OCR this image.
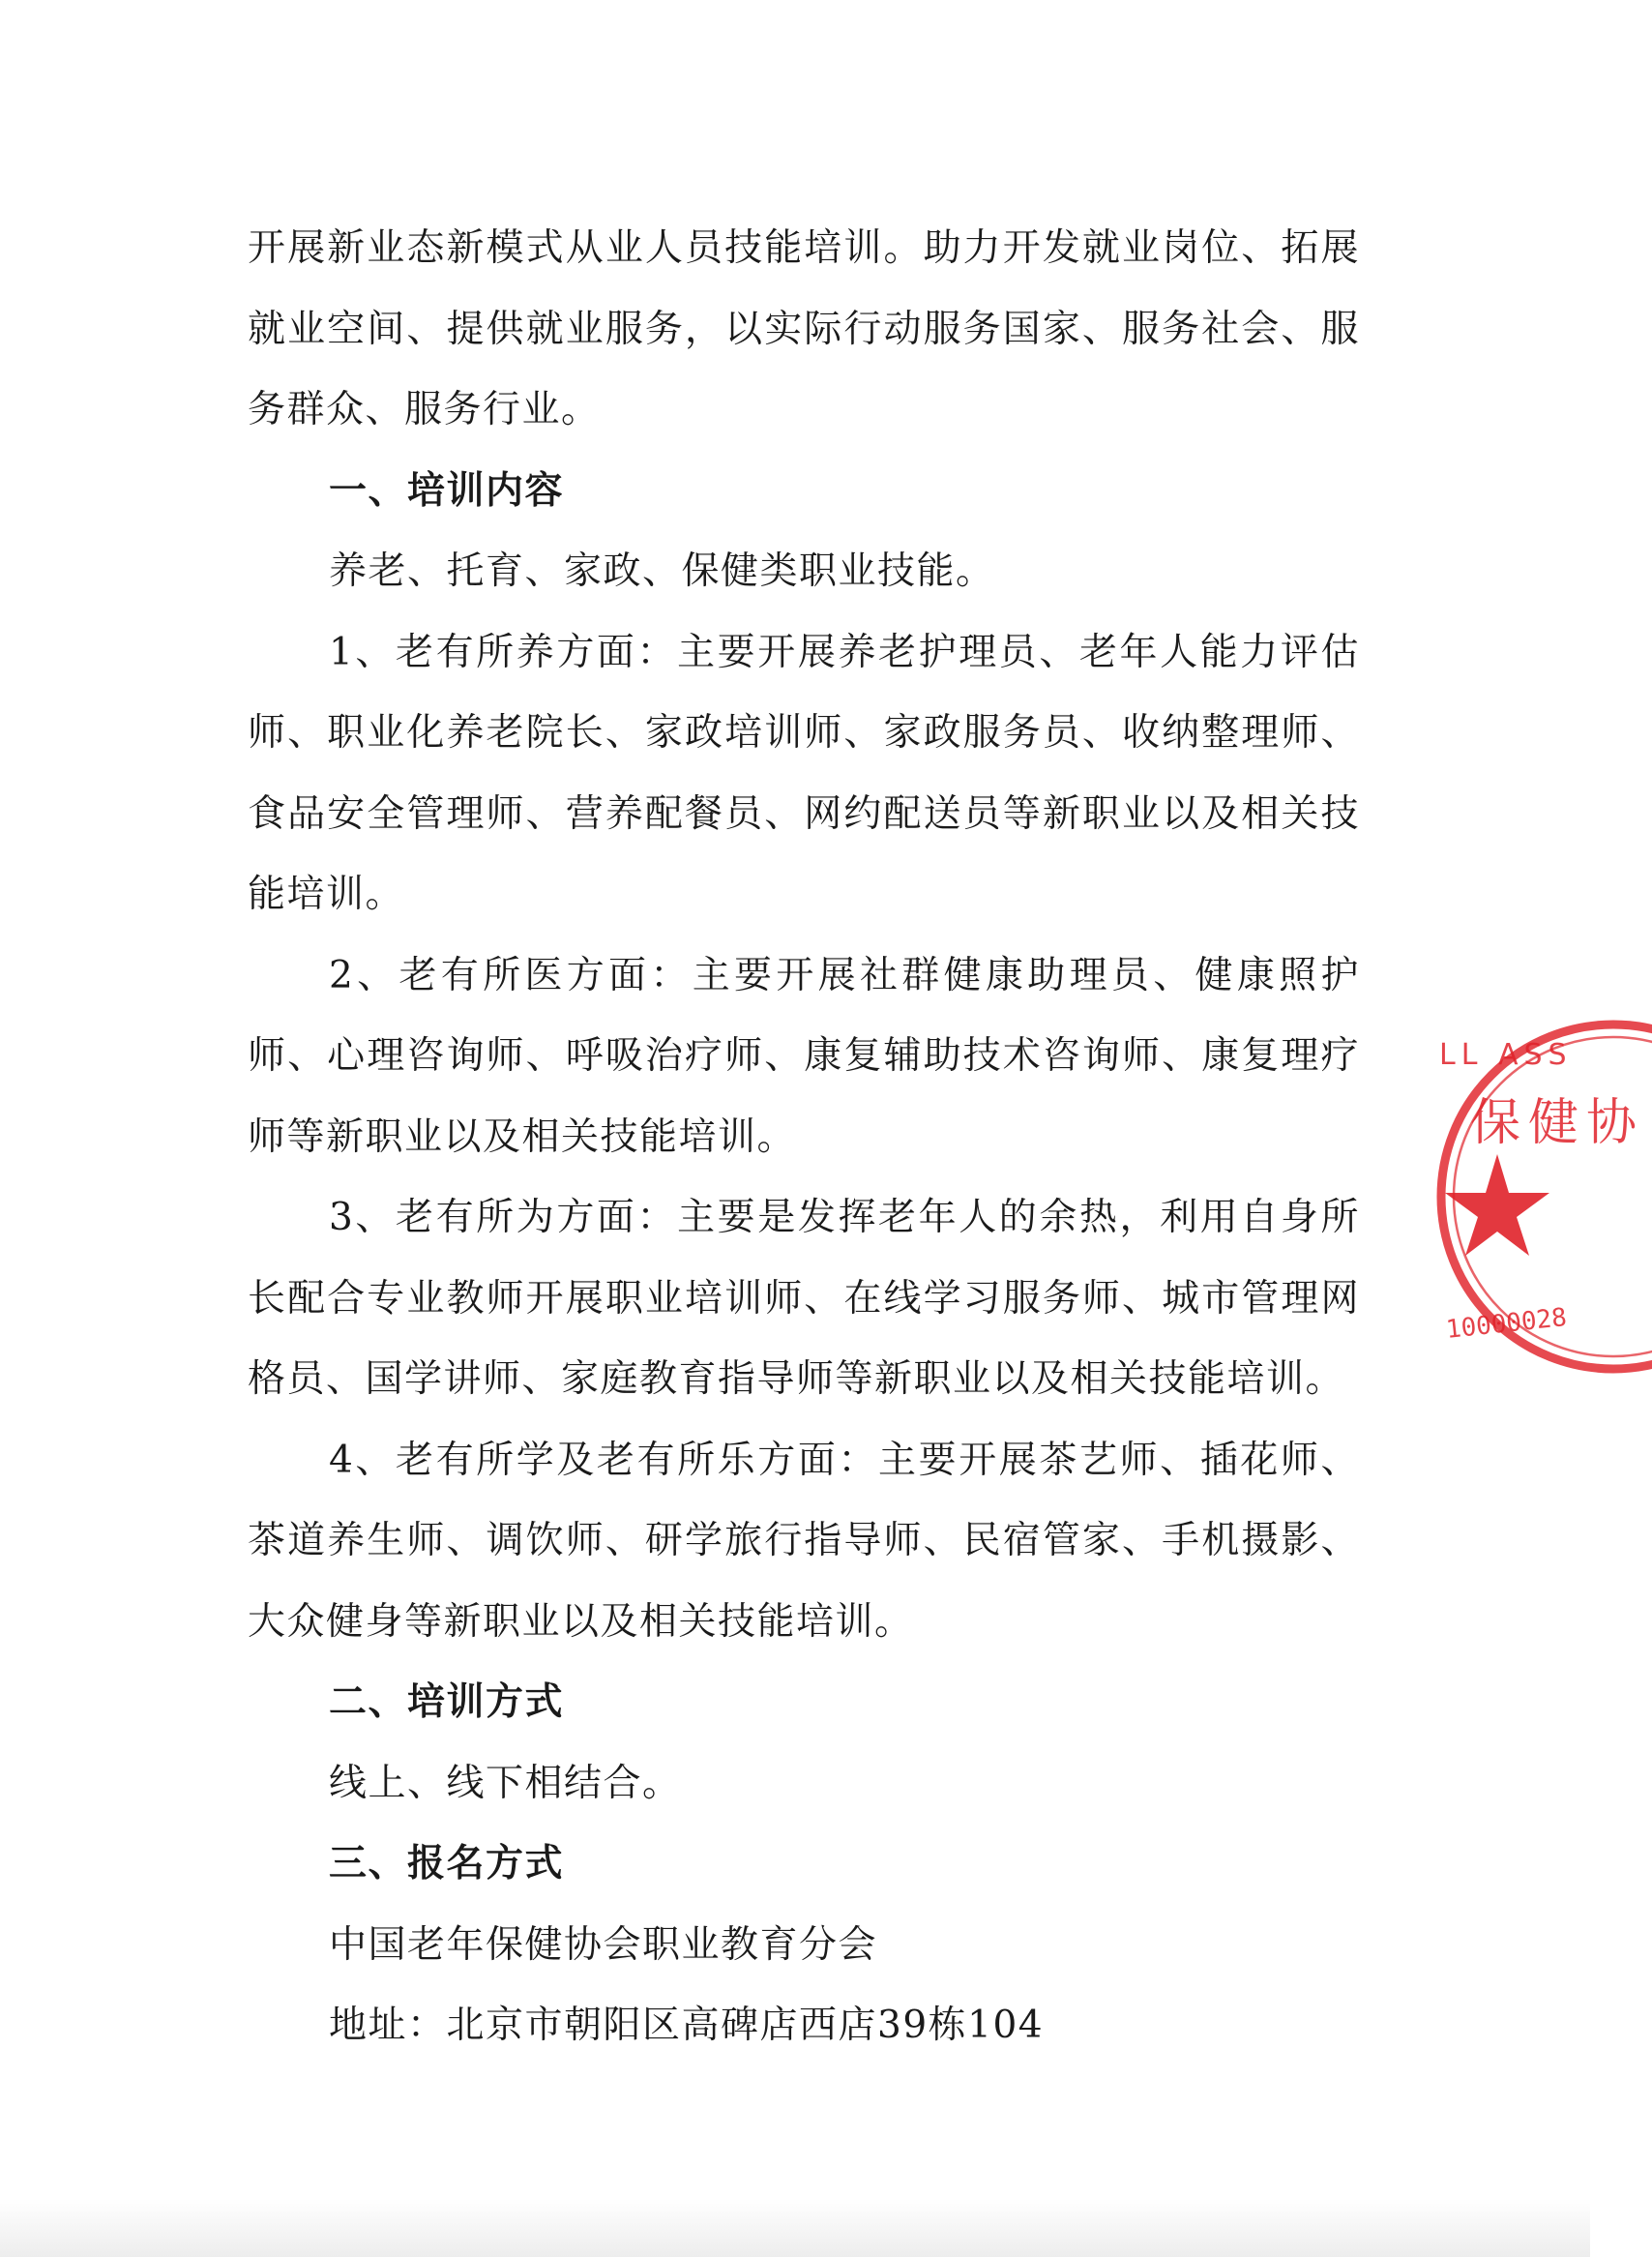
开展新业态新模式从业人员技能培训。助力开发就业岗位、拓展就业空间、提供就业服务，以实际行动服务国家、服务社会、服务群众、服务行业。

一、培训内容

养老、托育、家政、保健类职业技能。

1、老有所养方面：主要开展养老护理员、老年人能力评估师、职业化养老院长、家政培训师、家政服务员、收纳整理师、食品安全管理师、营养配餐员、网约配送员等新职业以及相关技能培训。

2、老有所医方面：主要开展社群健康助理员、健康照护师、心理咨询师、呼吸治疗师、康复辅助技术咨询师、康复理疗师等新职业以及相关技能培训。

3、老有所为方面：主要是发挥老年人的余热，利用自身所长配合专业教师开展职业培训师、在线学习服务师、城市管理网格员、国学讲师、家庭教育指导师等新职业以及相关技能培训。

4、老有所学及老有所乐方面：主要开展茶艺师、插花师、茶道养生师、调饮师、研学旅行指导师、民宿管家、手机摄影、大众健身等新职业以及相关技能培训。

二、培训方式

线上、线下相结合。

三、报名方式

中国老年保健协会职业教育分会

地址：北京市朝阳区高碑店西店39栋104

LL ASS
保健协
10000028
